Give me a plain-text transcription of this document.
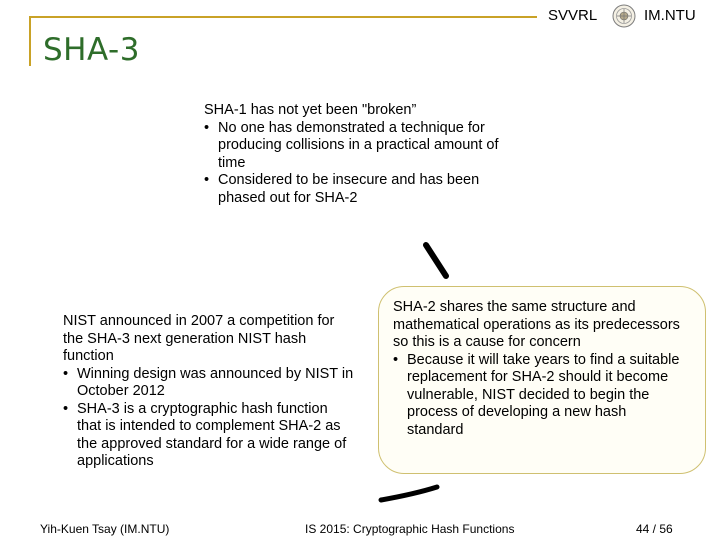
SVVRL	IM.NTU
SHA-3

SHA-1 has not yet been "broken”

• No one has demonstrated a technique for producing collisions in a practical amount of time
• Considered to be insecure and has been phased out for SHA-2

NIST announced in 2007 a competition for the SHA-3 next generation NIST hash function

• Winning design was announced by NIST in October 2012
• SHA-3 is a cryptographic hash function that is intended to complement SHA-2 as the approved standard for a wide range of applications

SHA-2 shares the same structure and mathematical operations as its predecessors so this is a cause for concern

• Because it will take years to find a suitable replacement for SHA-2 should it become vulnerable, NIST decided to begin the process of developing a new hash standard
Yih-Kuen Tsay (IM.NTU)	IS 2015: Cryptographic Hash Functions	44 / 56
